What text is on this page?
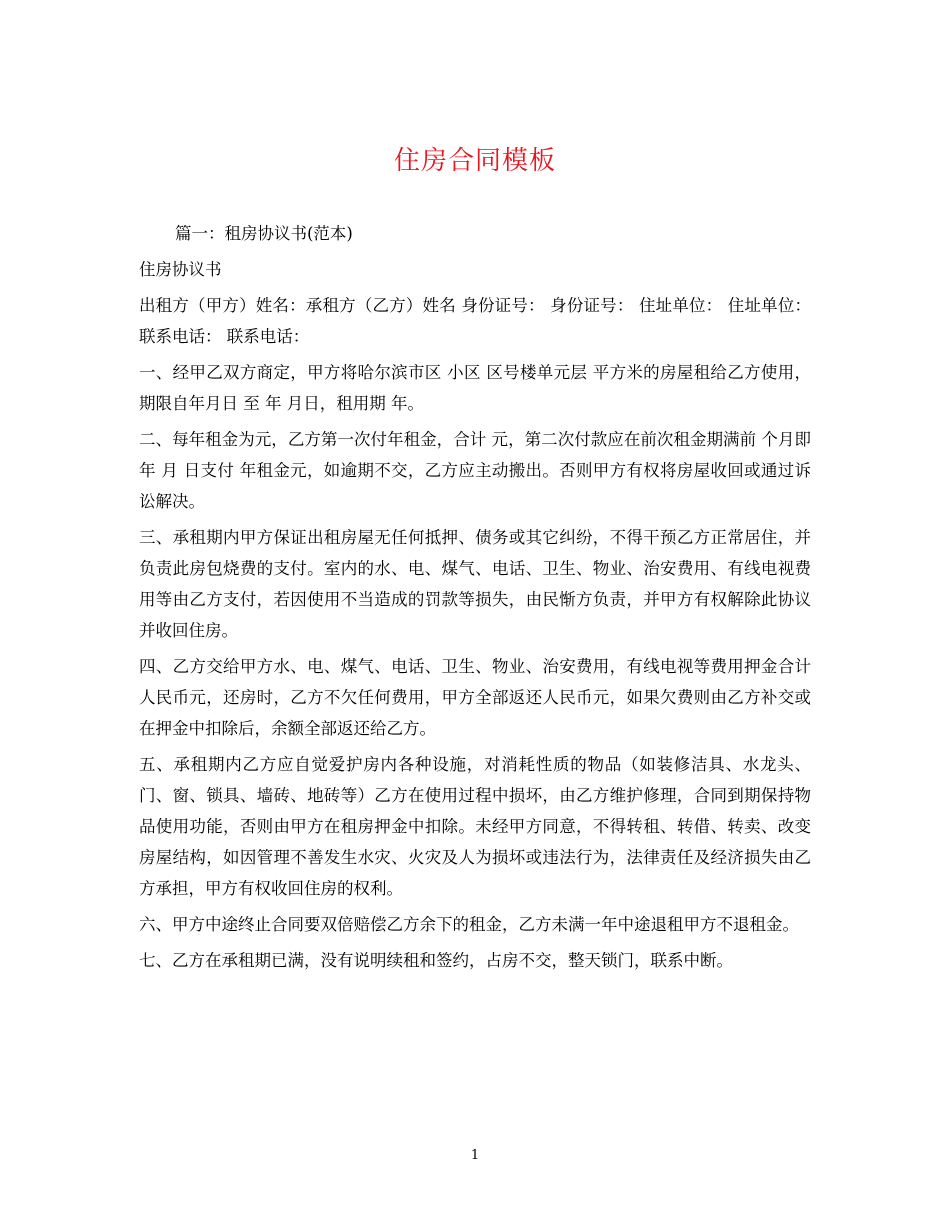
住房合同模板

篇一：租房协议书(范本)

住房协议书

出租方（甲方）姓名：承租方（乙方）姓名 身份证号： 身份证号： 住址单位： 住址单位： 联系电话： 联系电话：

一、经甲乙双方商定，甲方将哈尔滨市区 小区 区号楼单元层 平方米的房屋租给乙方使用，期限自年月日 至 年 月日，租用期 年。

二、每年租金为元，乙方第一次付年租金，合计 元，第二次付款应在前次租金期满前 个月即 年 月 日支付 年租金元，如逾期不交，乙方应主动搬出。否则甲方有权将房屋收回或通过诉讼解决。

三、承租期内甲方保证出租房屋无任何抵押、债务或其它纠纷，不得干预乙方正常居住，并负责此房包烧费的支付。室内的水、电、煤气、电话、卫生、物业、治安费用、有线电视费用等由乙方支付，若因使用不当造成的罚款等损失，由民惭方负责，并甲方有权解除此协议并收回住房。

四、乙方交给甲方水、电、煤气、电话、卫生、物业、治安费用，有线电视等费用押金合计人民币元，还房时，乙方不欠任何费用，甲方全部返还人民币元，如果欠费则由乙方补交或在押金中扣除后，余额全部返还给乙方。

五、承租期内乙方应自觉爱护房内各种设施，对消耗性质的物品（如装修洁具、水龙头、门、窗、锁具、墙砖、地砖等）乙方在使用过程中损坏，由乙方维护修理，合同到期保持物品使用功能，否则由甲方在租房押金中扣除。未经甲方同意，不得转租、转借、转卖、改变房屋结构，如因管理不善发生水灾、火灾及人为损坏或违法行为，法律责任及经济损失由乙方承担，甲方有权收回住房的权利。

六、甲方中途终止合同要双倍赔偿乙方余下的租金，乙方未满一年中途退租甲方不退租金。

七、乙方在承租期已满，没有说明续租和签约，占房不交，整天锁门，联系中断。

1
